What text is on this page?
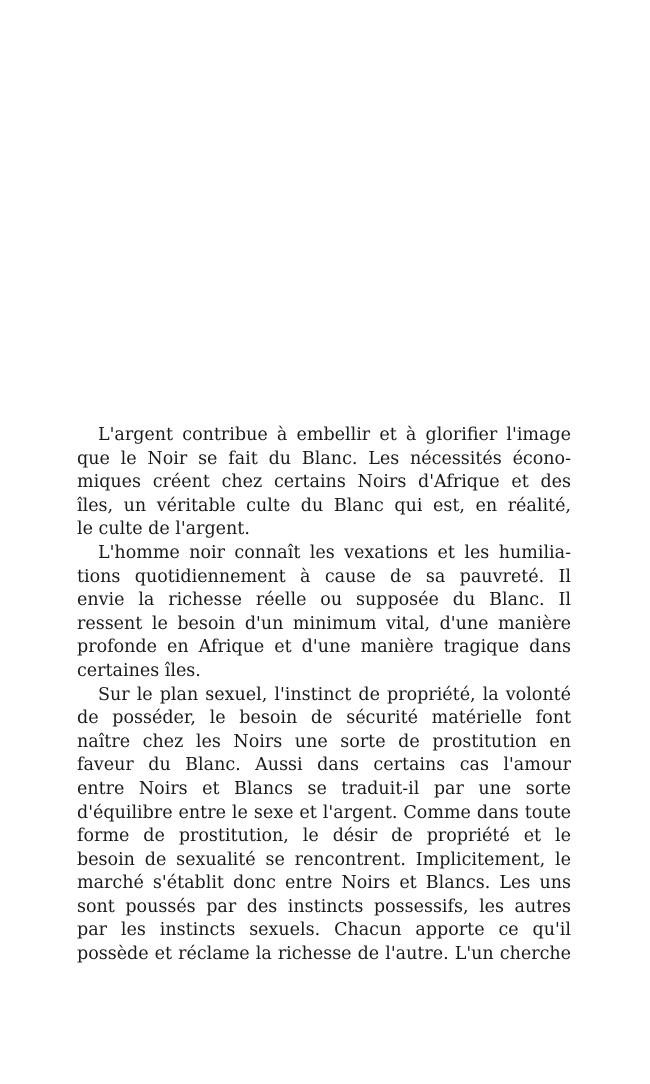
L'argent contribue à embellir et à glorifier l'image
que le Noir se fait du Blanc. Les nécessités écono-
miques créent chez certains Noirs d'Afrique et des
îles, un véritable culte du Blanc qui est, en réalité,
le culte de l'argent.
L'homme noir connaît les vexations et les humilia-
tions quotidiennement à cause de sa pauvreté. Il
envie la richesse réelle ou supposée du Blanc. Il
ressent le besoin d'un minimum vital, d'une manière
profonde en Afrique et d'une manière tragique dans
certaines îles.
Sur le plan sexuel, l'instinct de propriété, la volonté
de posséder, le besoin de sécurité matérielle font
naître chez les Noirs une sorte de prostitution en
faveur du Blanc. Aussi dans certains cas l'amour
entre Noirs et Blancs se traduit-il par une sorte
d'équilibre entre le sexe et l'argent. Comme dans toute
forme de prostitution, le désir de propriété et le
besoin de sexualité se rencontrent. Implicitement, le
marché s'établit donc entre Noirs et Blancs. Les uns
sont poussés par des instincts possessifs, les autres
par les instincts sexuels. Chacun apporte ce qu'il
possède et réclame la richesse de l'autre. L'un cherche
